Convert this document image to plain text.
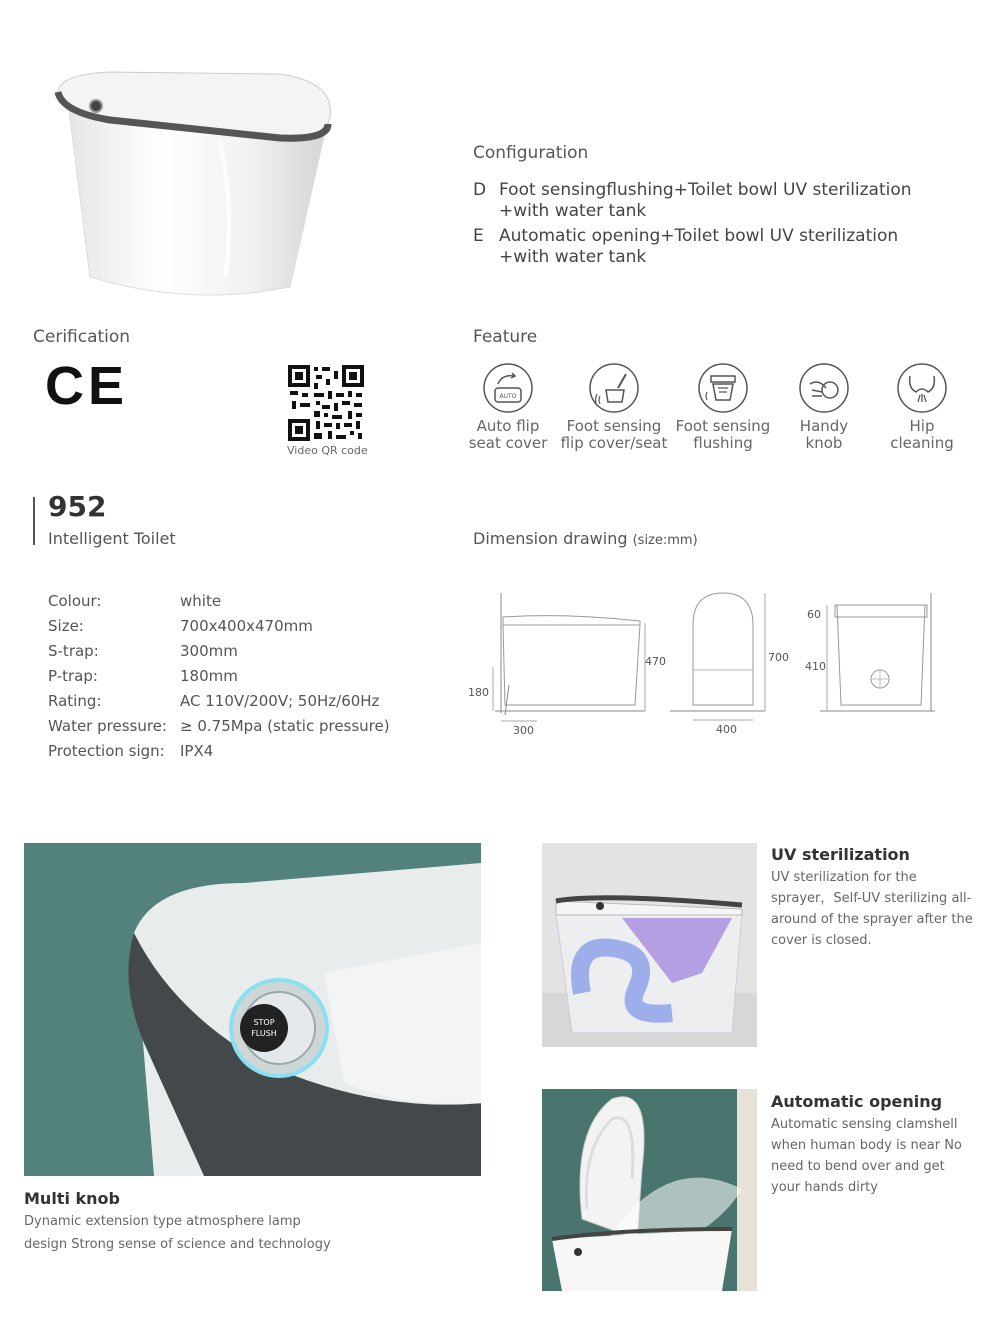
Configuration
D Foot sensingflushing+Toilet bowl UV sterilization
+with water tank
E Automatic opening+Toilet bowl UV sterilization
+with water tank
Cerification
CE
Video QR code
Feature
AUTO
Auto flip
seat cover
Foot sensing
flip cover/seat
Foot sensing
flushing
Handy
knob
Hip
cleaning
952
Intelligent Toilet
Colour:	white
Size:	700x400x470mm
S-trap:	300mm
P-trap:	180mm
Rating:	AC 110V/200V; 50Hz/60Hz
Water pressure: ≥ 0.75Mpa (static pressure)
Protection sign: IPX4
Dimension drawing (size:mm)
470
180
300
700
400
60
410
STOP
FLUSH
Multi knob
Dynamic extension type atmosphere lamp
design Strong sense of science and technology
UV sterilization
UV sterilization for the
sprayer，Self-UV sterilizing all-
around of the sprayer after the
cover is closed.
Automatic opening
Automatic sensing clamshell
when human body is near No
need to bend over and get
your hands dirty
